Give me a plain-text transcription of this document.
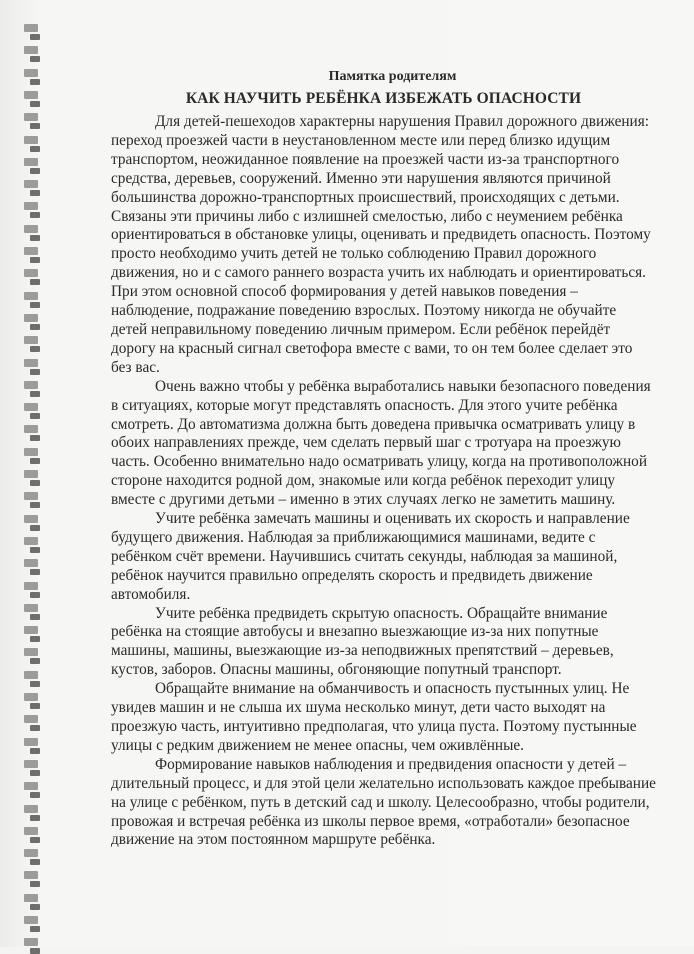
Памятка родителям
КАК НАУЧИТЬ РЕБЁНКА ИЗБЕЖАТЬ ОПАСНОСТИ

Для детей-пешеходов характерны нарушения Правил дорожного движения: переход проезжей части в неустановленном месте или перед близко идущим транспортом, неожиданное появление на проезжей части из-за транспортного средства, деревьев, сооружений. Именно эти нарушения являются причиной большинства дорожно-транспортных происшествий, происходящих с детьми. Связаны эти причины либо с излишней смелостью, либо с неумением ребёнка ориентироваться в обстановке улицы, оценивать и предвидеть опасность. Поэтому просто необходимо учить детей не только соблюдению Правил дорожного движения, но и с самого раннего возраста учить их наблюдать и ориентироваться. При этом основной способ формирования у детей навыков поведения – наблюдение, подражание поведению взрослых. Поэтому никогда не обучайте детей неправильному поведению личным примером. Если ребёнок перейдёт дорогу на красный сигнал светофора вместе с вами, то он тем более сделает это без вас.

Очень важно чтобы у ребёнка выработались навыки безопасного поведения в ситуациях, которые могут представлять опасность. Для этого учите ребёнка смотреть. До автоматизма должна быть доведена привычка осматривать улицу в обоих направлениях прежде, чем сделать первый шаг с тротуара на проезжую часть. Особенно внимательно надо осматривать улицу, когда на противоположной стороне находится родной дом, знакомые или когда ребёнок переходит улицу вместе с другими детьми – именно в этих случаях легко не заметить машину.

Учите ребёнка замечать машины и оценивать их скорость и направление будущего движения. Наблюдая за приближающимися машинами, ведите с ребёнком счёт времени. Научившись считать секунды, наблюдая за машиной, ребёнок научится правильно определять скорость и предвидеть движение автомобиля.

Учите ребёнка предвидеть скрытую опасность. Обращайте внимание ребёнка на стоящие автобусы и внезапно выезжающие из-за них попутные машины, машины, выезжающие из-за неподвижных препятствий – деревьев, кустов, заборов. Опасны машины, обгоняющие попутный транспорт.

Обращайте внимание на обманчивость и опасность пустынных улиц. Не увидев машин и не слыша их шума несколько минут, дети часто выходят на проезжую часть, интуитивно предполагая, что улица пуста. Поэтому пустынные улицы с редким движением не менее опасны, чем оживлённые.

Формирование навыков наблюдения и предвидения опасности у детей – длительный процесс, и для этой цели желательно использовать каждое пребывание на улице с ребёнком, путь в детский сад и школу. Целесообразно, чтобы родители, провожая и встречая ребёнка из школы первое время, «отработали» безопасное движение на этом постоянном маршруте ребёнка.
